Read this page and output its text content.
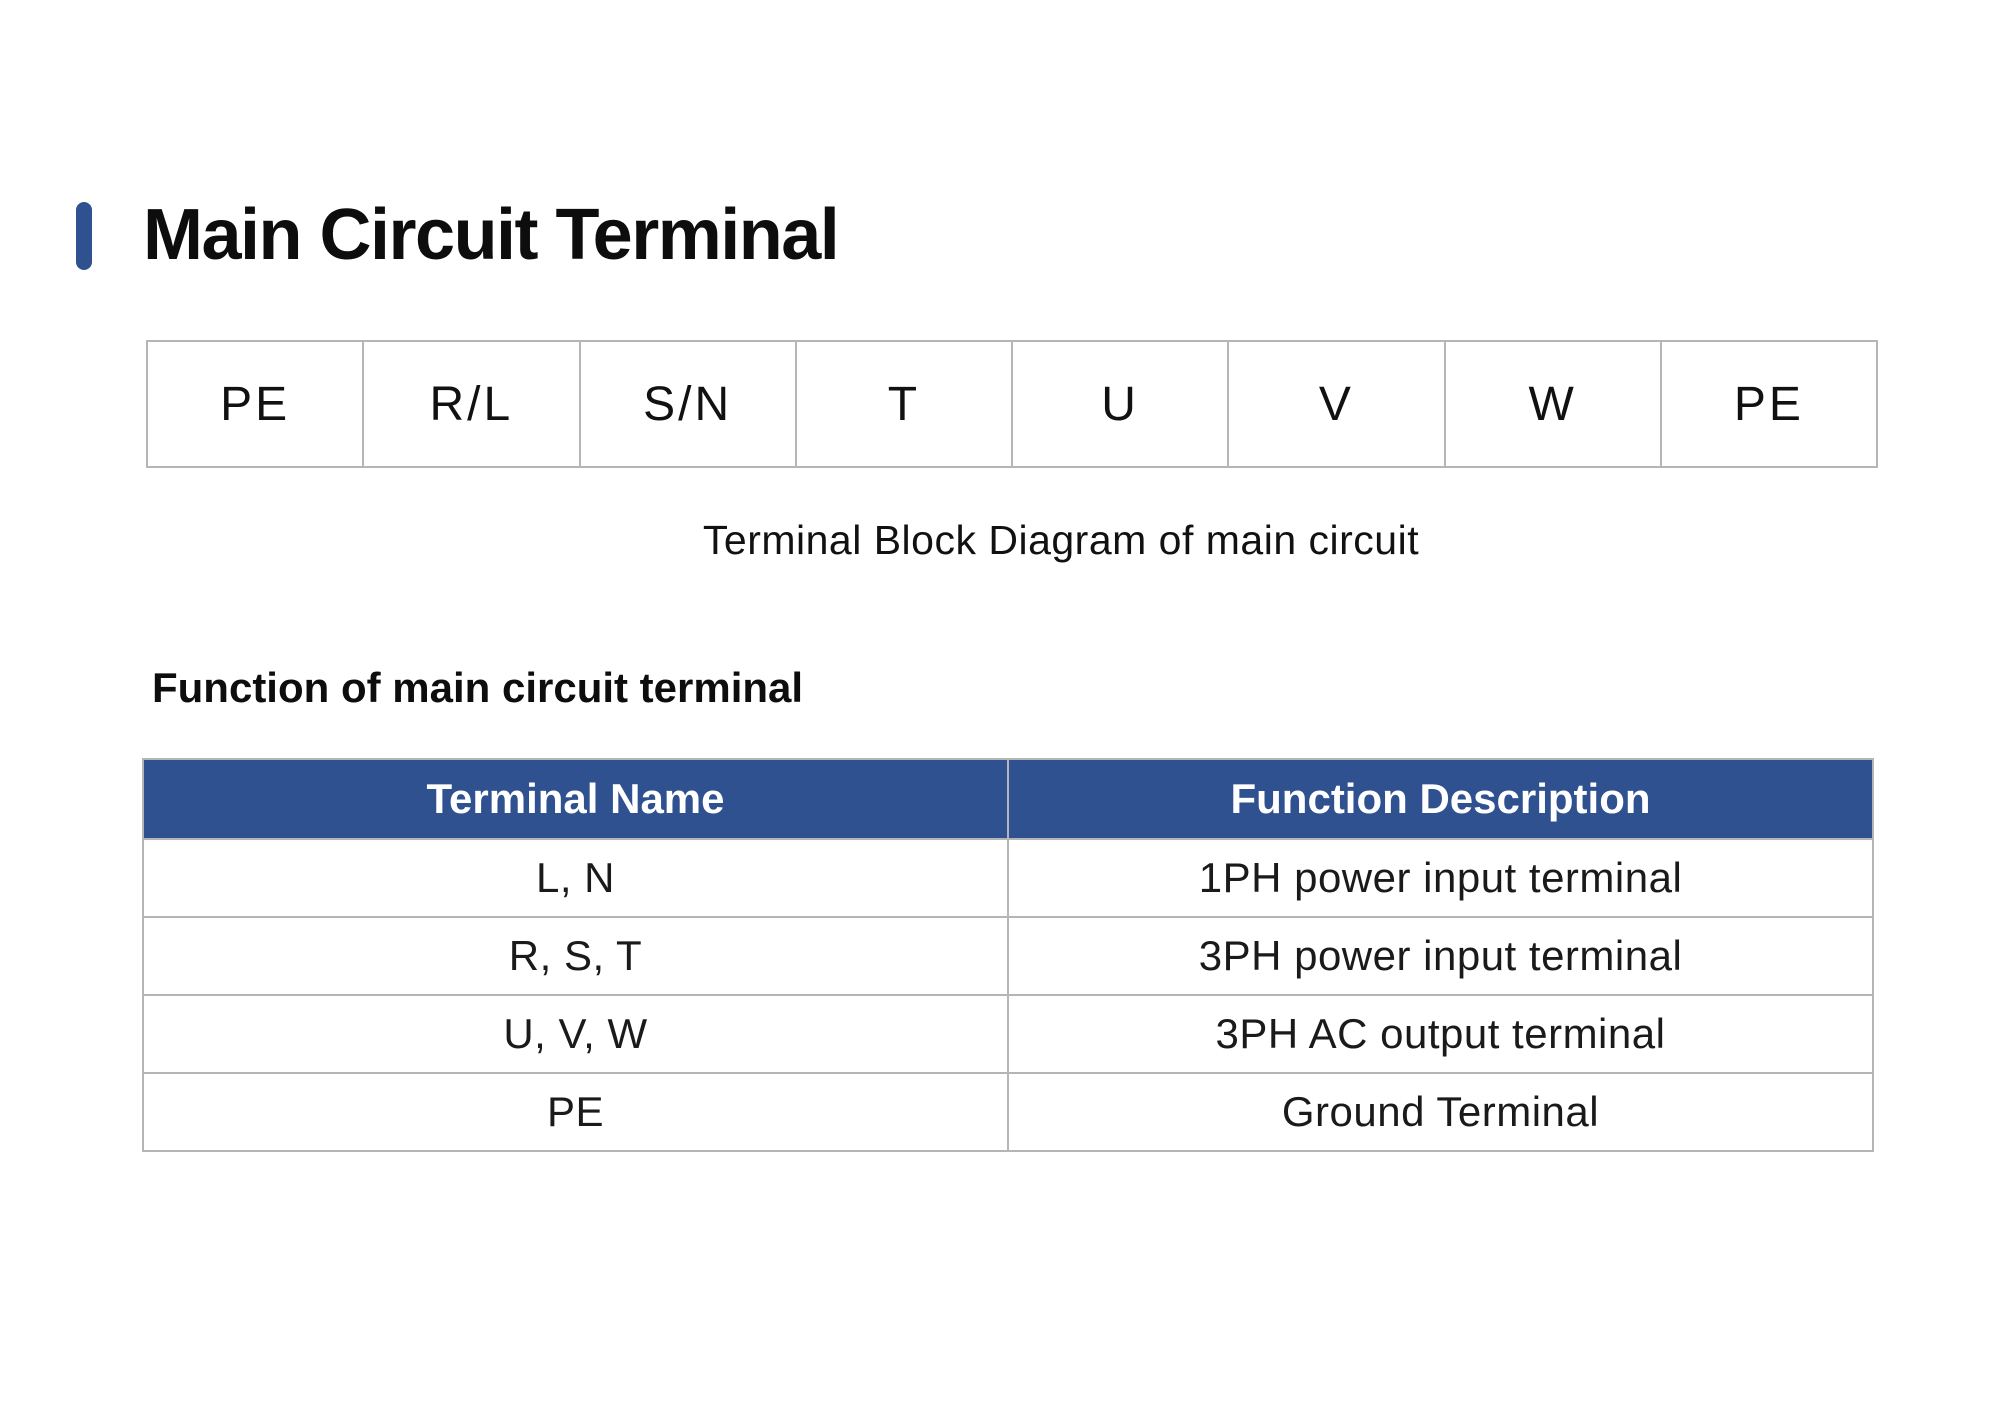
Main Circuit Terminal
PE	R/L	S/N	T	U	V	W	PE
Terminal Block Diagram of main circuit
Function of main circuit terminal
Terminal Name	Function Description
L, N	1PH power input terminal
R, S, T	3PH power input terminal
U, V, W	3PH AC output terminal
PE	Ground Terminal
